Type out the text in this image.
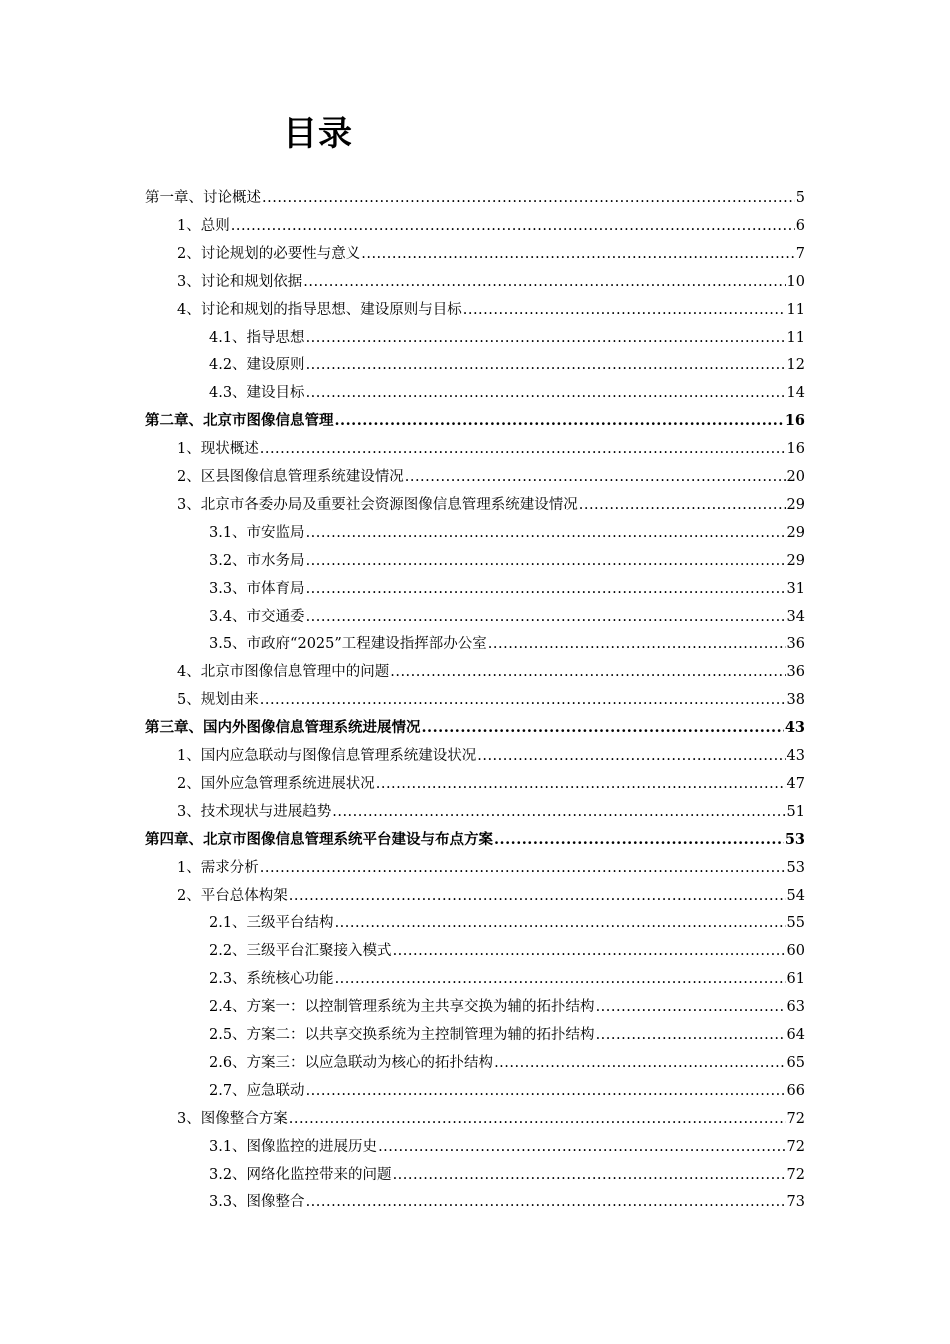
目录
第一章、讨论概述 .....	5
1、总则 .....	6
2、讨论规划的必要性与意义 .....	7
3、讨论和规划依据 .....	10
4、讨论和规划的指导思想、建设原则与目标 .....	11
4.1、指导思想 .....	11
4.2、建设原则 .....	12
4.3、建设目标 .....	14
第二章、北京市图像信息管理 .....	16
1、现状概述 .....	16
2、区县图像信息管理系统建设情况 .....	20
3、北京市各委办局及重要社会资源图像信息管理系统建设情况 .....	29
3.1、市安监局 .....	29
3.2、市水务局 .....	29
3.3、市体育局 .....	31
3.4、市交通委 .....	34
3.5、市政府“2025”工程建设指挥部办公室 .....	36
4、北京市图像信息管理中的问题 .....	36
5、规划由来 .....	38
第三章、国内外图像信息管理系统进展情况 .....	43
1、国内应急联动与图像信息管理系统建设状况 .....	43
2、国外应急管理系统进展状况 .....	47
3、技术现状与进展趋势 .....	51
第四章、北京市图像信息管理系统平台建设与布点方案 .....	53
1、需求分析 .....	53
2、平台总体构架 .....	54
2.1、三级平台结构 .....	55
2.2、三级平台汇聚接入模式 .....	60
2.3、系统核心功能 .....	61
2.4、方案一：以控制管理系统为主共享交换为辅的拓扑结构 .....	63
2.5、方案二：以共享交换系统为主控制管理为辅的拓扑结构 .....	64
2.6、方案三：以应急联动为核心的拓扑结构 .....	65
2.7、应急联动 .....	66
3、图像整合方案 .....	72
3.1、图像监控的进展历史 .....	72
3.2、网络化监控带来的问题 .....	72
3.3、图像整合 .....	73
